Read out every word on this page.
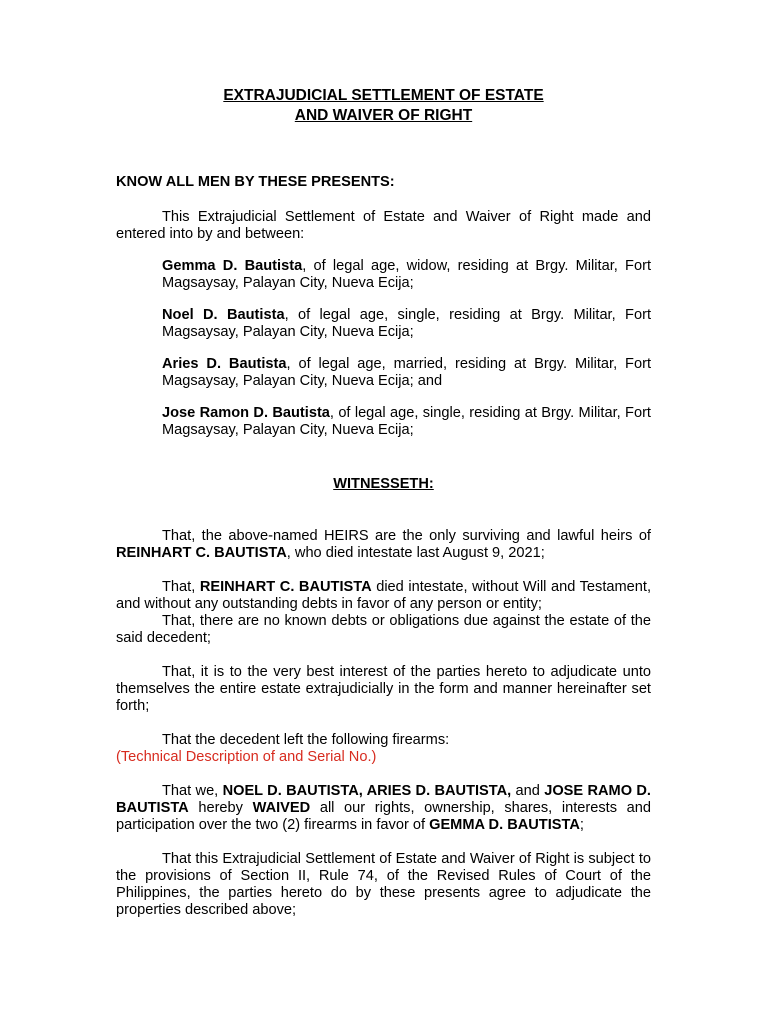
EXTRAJUDICIAL SETTLEMENT OF ESTATE
AND WAIVER OF RIGHT

KNOW ALL MEN BY THESE PRESENTS:

This Extrajudicial Settlement of Estate and Waiver of Right made and entered into by and between:

Gemma D. Bautista, of legal age, widow, residing at Brgy. Militar, Fort Magsaysay, Palayan City, Nueva Ecija;

Noel D. Bautista, of legal age, single, residing at Brgy. Militar, Fort Magsaysay, Palayan City, Nueva Ecija;

Aries D. Bautista, of legal age, married, residing at Brgy. Militar, Fort Magsaysay, Palayan City, Nueva Ecija; and

Jose Ramon D. Bautista, of legal age, single, residing at Brgy. Militar, Fort Magsaysay, Palayan City, Nueva Ecija;

WITNESSETH:

That, the above-named HEIRS are the only surviving and lawful heirs of REINHART C. BAUTISTA, who died intestate last August 9, 2021;

That, REINHART C. BAUTISTA died intestate, without Will and Testament, and without any outstanding debts in favor of any person or entity;

That, there are no known debts or obligations due against the estate of the said decedent;

That, it is to the very best interest of the parties hereto to adjudicate unto themselves the entire estate extrajudicially in the form and manner hereinafter set forth;

That the decedent left the following firearms:

(Technical Description of and Serial No.)

That we, NOEL D. BAUTISTA, ARIES D. BAUTISTA, and JOSE RAMO D. BAUTISTA hereby WAIVED all our rights, ownership, shares, interests and participation over the two (2) firearms in favor of GEMMA D. BAUTISTA;

That this Extrajudicial Settlement of Estate and Waiver of Right is subject to the provisions of Section II, Rule 74, of the Revised Rules of Court of the Philippines, the parties hereto do by these presents agree to adjudicate the properties described above;
